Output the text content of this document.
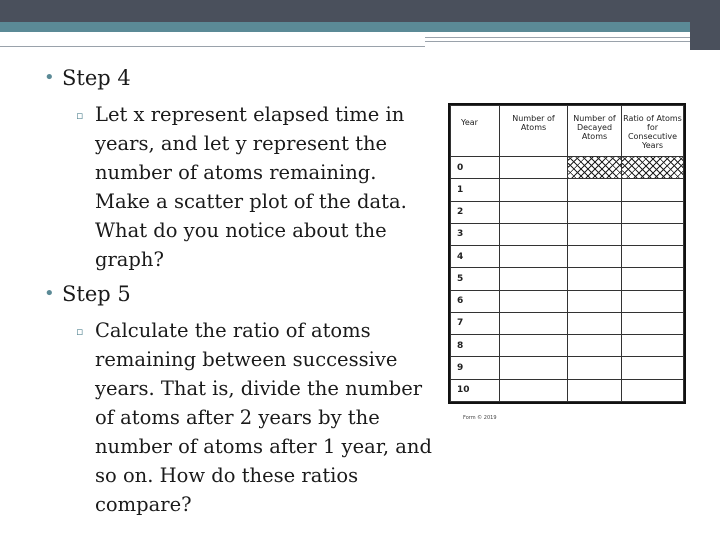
• Step 4
▫ Let x represent elapsed time in years, and let y represent the number of atoms remaining. Make a scatter plot of the data. What do you notice about the graph?
• Step 5
▫ Calculate the ratio of atoms remaining between successive years. That is, divide the number of atoms after 2 years by the number of atoms after 1 year, and so on. How do these ratios compare?
Year	Number of Atoms	Number of Decayed Atoms	Ratio of Atoms for Consecutive Years
0			
1			
2			
3			
4			
5			
6			
7			
8			
9			
10			
Form © 2019
